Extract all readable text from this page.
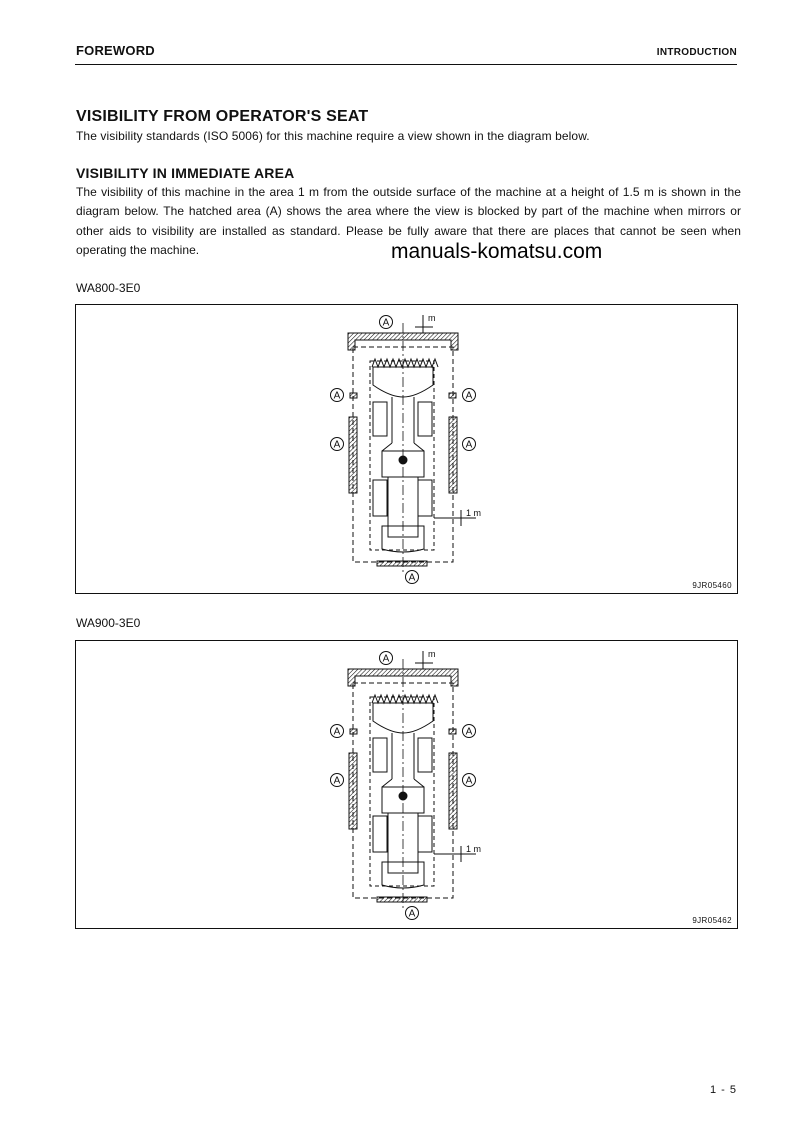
FOREWORD	INTRODUCTION
VISIBILITY FROM OPERATOR'S SEAT
The visibility standards (ISO 5006) for this machine require a view shown in the diagram below.
VISIBILITY IN IMMEDIATE AREA
The visibility of this machine in the area 1 m from the outside surface of the machine at a height of 1.5 m is shown in the diagram below. The hatched area (A) shows the area where the view is blocked by part of the machine when mirrors or other aids to visibility are installed as standard. Please be fully aware that there are places that cannot be seen when operating the machine.	manuals-komatsu.com
WA800-3E0
m
1 m
A
A
A
A
A
A
9JR05460
WA900-3E0
m
1 m
A
A
A
A
A
A
9JR05462
1 - 5
